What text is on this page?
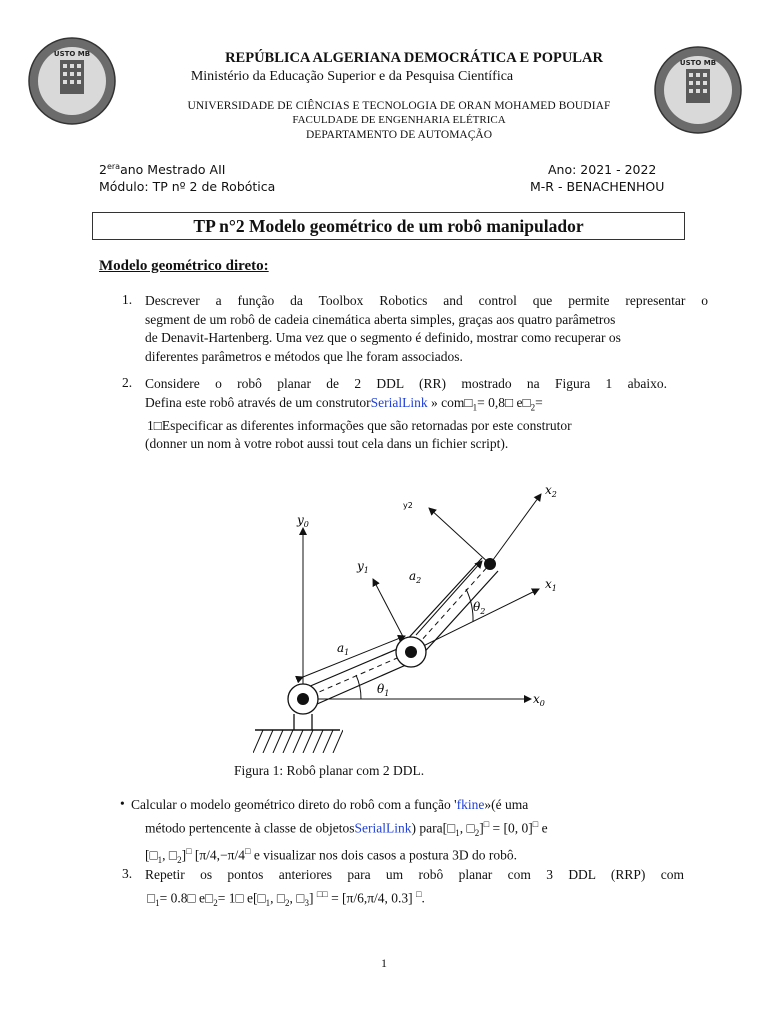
USTO MB
USTO MB
REPÚBLICA ALGERIANA DEMOCRÁTICA E POPULAR
Ministério da Educação Superior e da Pesquisa Científica
UNIVERSIDADE DE CIÊNCIAS E TECNOLOGIA DE ORAN MOHAMED BOUDIAF
FACULDADE DE ENGENHARIA ELÉTRICA
DEPARTAMENTO DE AUTOMAÇÃO
$2^{era}ano$ Mestrado AII
Módulo: TP nº 2 de Robótica
Ano: 2021 - 2022
M-R - BENACHENHOU
TP n°2 Modelo geométrico de um robô manipulador
Modelo geométrico direto:
1. Descrever a função da Toolbox Robotics and control que permite representar o
segment de um robô de cadeia cinemática aberta simples, graças aos quatro parâmetros
de Denavit-Hartenberg. Uma vez que o segmento é definido, mostrar como recuperar os
diferentes parâmetros e métodos que lhe foram associados.
2. Considere o robô planar de 2 DDL (RR) mostrado na Figura 1 abaixo.
Defina este robô através de um construtorSerialLink » $com□_1=$ 0,8□ $e□_2=$
1□Especificar as diferentes informações que são retornadas por este construtor
(donner un nom à votre robot aussi tout cela dans un fichier script).
$y_0$
$x_0$
$x_1$
$y_1$
$x_2$
y2
$a_1$
$a_2$
$\theta_1$
$\theta_2$
Figura 1: Robô planar com 2 DDL.
• Calcular o modelo geométrico direto do robô com a função 'fkine»(é uma
método pertencente à classe de objetosSerialLink) $para[□_1$, $□_2]^□ = [0$, 0]□ e
[$□_1$, $□_2]^□$ [π/4,−π/4□ e visualizar nos dois casos a postura 3D do robô.
3. Repetir os pontos anteriores para um robô planar com 3 DDL (RRP) com
$□_1=$ 0.8□ $e□_2=$ 1□ $e[□_1$, $□_2$, $□_3$] □□ = [π/6,π/4, 0.3] □.
1
